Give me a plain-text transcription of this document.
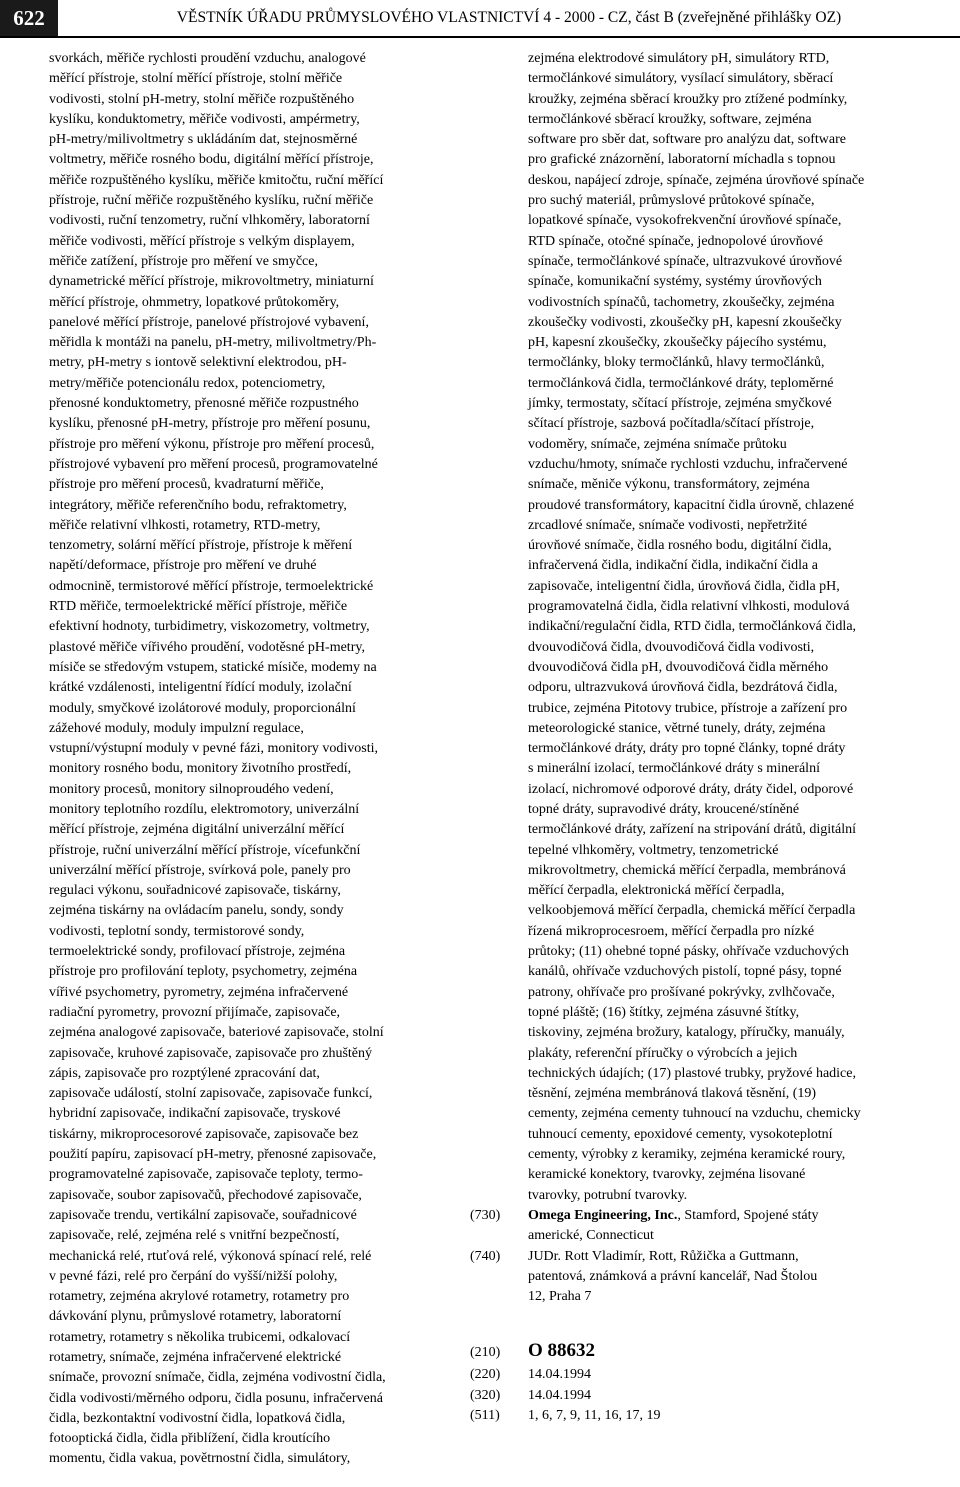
622	VĚSTNÍK ÚŘADU PRŮMYSLOVÉHO VLASTNICTVÍ 4 - 2000 - CZ, část B (zveřejněné přihlášky OZ)

svorkách, měřiče rychlosti proudění vzduchu, analogové
měřící přístroje, stolní měřící přístroje, stolní měřiče
vodivosti, stolní pH-metry, stolní měřiče rozpuštěného
kyslíku, konduktometry, měřiče vodivosti, ampérmetry,
pH-metry/milivoltmetry s ukládáním dat, stejnosměrné
voltmetry, měřiče rosného bodu, digitální měřící přístroje,
měřiče rozpuštěného kyslíku, měřiče kmitočtu, ruční měřící
přístroje, ruční měřiče rozpuštěného kyslíku, ruční měřiče
vodivosti, ruční tenzometry, ruční vlhkoměry, laboratorní
měřiče vodivosti, měřící přístroje s velkým displayem,
měřiče zatížení, přístroje pro měření ve smyčce,
dynametrické měřící přístroje, mikrovoltmetry, miniaturní
měřící přístroje, ohmmetry, lopatkové průtokoměry,
panelové měřící přístroje, panelové přístrojové vybavení,
měřidla k montáži na panelu, pH-metry, milivoltmetry/Ph-
metry, pH-metry s iontově selektivní elektrodou, pH-
metry/měřiče potencionálu redox, potenciometry,
přenosné konduktometry, přenosné měřiče rozpustného
kyslíku, přenosné pH-metry, přístroje pro měření posunu,
přístroje pro měření výkonu, přístroje pro měření procesů,
přístrojové vybavení pro měření procesů, programovatelné
přístroje pro měření procesů, kvadraturní měřiče,
integrátory, měřiče referenčního bodu, refraktometry,
měřiče relativní vlhkosti, rotametry, RTD-metry,
tenzometry, solární měřící přístroje, přístroje k měření
napětí/deformace, přístroje pro měření ve druhé
odmocnině, termistorové měřící přístroje, termoelektrické
RTD měřiče, termoelektrické měřící přístroje, měřiče
efektivní hodnoty, turbidimetry, viskozometry, voltmetry,
plastové měřiče vířivého proudění, vodotěsné pH-metry,
mísiče se středovým vstupem, statické mísiče, modemy na
krátké vzdálenosti, inteligentní řídící moduly, izolační
moduly, smyčkové izolátorové moduly, proporcionální
zážehové moduly, moduly impulzní regulace,
vstupní/výstupní moduly v pevné fázi, monitory vodivosti,
monitory rosného bodu, monitory životního prostředí,
monitory procesů, monitory silnoproudého vedení,
monitory teplotního rozdílu, elektromotory, univerzální
měřící přístroje, zejména digitální univerzální měřící
přístroje, ruční univerzální měřící přístroje, vícefunkční
univerzální měřící přístroje, svírková pole, panely pro
regulaci výkonu, souřadnicové zapisovače, tiskárny,
zejména tiskárny na ovládacím panelu, sondy, sondy
vodivosti, teplotní sondy, termistorové sondy,
termoelektrické sondy, profilovací přístroje, zejména
přístroje pro profilování teploty, psychometry, zejména
vířivé psychometry, pyrometry, zejména infračervené
radiační pyrometry, provozní přijímače, zapisovače,
zejména analogové zapisovače, bateriové zapisovače, stolní
zapisovače, kruhové zapisovače, zapisovače pro zhuštěný
zápis, zapisovače pro rozptýlené zpracování dat,
zapisovače událostí, stolní zapisovače, zapisovače funkcí,
hybridní zapisovače, indikační zapisovače, tryskové
tiskárny, mikroprocesorové zapisovače, zapisovače bez
použití papíru, zapisovací pH-metry, přenosné zapisovače,
programovatelné zapisovače, zapisovače teploty, termo-
zapisovače, soubor zapisovačů, přechodové zapisovače,
zapisovače trendu, vertikální zapisovače, souřadnicové
zapisovače, relé, zejména relé s vnitřní bezpečností,
mechanická relé, rtuťová relé, výkonová spínací relé, relé
v pevné fázi, relé pro čerpání do vyšší/nižší polohy,
rotametry, zejména akrylové rotametry, rotametry pro
dávkování plynu, průmyslové rotametry, laboratorní
rotametry, rotametry s několika trubicemi, odkalovací
rotametry, snímače, zejména infračervené elektrické
snímače, provozní snímače, čidla, zejména vodivostní čidla,
čidla vodivosti/měrného odporu, čidla posunu, infračervená
čidla, bezkontaktní vodivostní čidla, lopatková čidla,
fotooptická čidla, čidla přiblížení, čidla kroutícího
momentu, čidla vakua, povětrnostní čidla, simulátory,

zejména elektrodové simulátory pH, simulátory RTD,
termočlánkové simulátory, vysílací simulátory, sběrací
kroužky, zejména sběrací kroužky pro ztížené podmínky,
termočlánkové sběrací kroužky, software, zejména
software pro sběr dat, software pro analýzu dat, software
pro grafické znázornění, laboratorní míchadla s topnou
deskou, napájecí zdroje, spínače, zejména úrovňové spínače
pro suchý materiál, průmyslové průtokové spínače,
lopatkové spínače, vysokofrekvenční úrovňové spínače,
RTD spínače, otočné spínače, jednopolové úrovňové
spínače, termočlánkové spínače, ultrazvukové úrovňové
spínače, komunikační systémy, systémy úrovňových
vodivostních spínačů, tachometry, zkoušečky, zejména
zkoušečky vodivosti, zkoušečky pH, kapesní zkoušečky
pH, kapesní zkoušečky, zkoušečky pájecího systému,
termočlánky, bloky termočlánků, hlavy termočlánků,
termočlánková čidla, termočlánkové dráty, teploměrné
jímky, termostaty, sčítací přístroje, zejména smyčkové
sčítací přístroje, sazbová počítadla/sčítací přístroje,
vodoměry, snímače, zejména snímače průtoku
vzduchu/hmoty, snímače rychlosti vzduchu, infračervené
snímače, měniče výkonu, transformátory, zejména
proudové transformátory, kapacitní čidla úrovně, chlazené
zrcadlové snímače, snímače vodivosti, nepřetržité
úrovňové snímače, čidla rosného bodu, digitální čidla,
infračervená čidla, indikační čidla, indikační čidla a
zapisovače, inteligentní čidla, úrovňová čidla, čidla pH,
programovatelná čidla, čidla relativní vlhkosti, modulová
indikační/regulační čidla, RTD čidla, termočlánková čidla,
dvouvodičová čidla, dvouvodičová čidla vodivosti,
dvouvodičová čidla pH, dvouvodičová čidla měrného
odporu, ultrazvuková úrovňová čidla, bezdrátová čidla,
trubice, zejména Pitotovy trubice, přístroje a zařízení pro
meteorologické stanice, větrné tunely, dráty, zejména
termočlánkové dráty, dráty pro topné články, topné dráty
s minerální izolací, termočlánkové dráty s minerální
izolací, nichromové odporové dráty, dráty čidel, odporové
topné dráty, supravodivé dráty, kroucené/stíněné
termočlánkové dráty, zařízení na stripování drátů, digitální
tepelné vlhkoměry, voltmetry, tenzometrické
mikrovoltmetry, chemická měřící čerpadla, membránová
měřící čerpadla, elektronická měřící čerpadla,
velkoobjemová měřící čerpadla, chemická měřící čerpadla
řízená mikroprocesroem, měřící čerpadla pro nízké
průtoky; (11) ohebné topné pásky, ohřívače vzduchových
kanálů, ohřívače vzduchových pistolí, topné pásy, topné
patrony, ohřívače pro prošívané pokrývky, zvlhčovače,
topné pláště; (16) štítky, zejména zásuvné štítky,
tiskoviny, zejména brožury, katalogy, příručky, manuály,
plakáty, referenční příručky o výrobcích a jejich
technických údajích; (17) plastové trubky, pryžové hadice,
těsnění, zejména membránová tlaková těsnění, (19)
cementy, zejména cementy tuhnoucí na vzduchu, chemicky
tuhnoucí cementy, epoxidové cementy, vysokoteplotní
cementy, výrobky z keramiky, zejména keramické roury,
keramické konektory, tvarovky, zejména lisované
tvarovky, potrubní tvarovky.

(730) Omega Engineering, Inc., Stamford, Spojené státy
americké, Connecticut
(740) JUDr. Rott Vladimír, Rott, Růžička a Guttmann,
patentová, známková a právní kancelář, Nad Štolou
12, Praha 7
(210) O 88632
(220) 14.04.1994
(320) 14.04.1994
(511) 1, 6, 7, 9, 11, 16, 17, 19
